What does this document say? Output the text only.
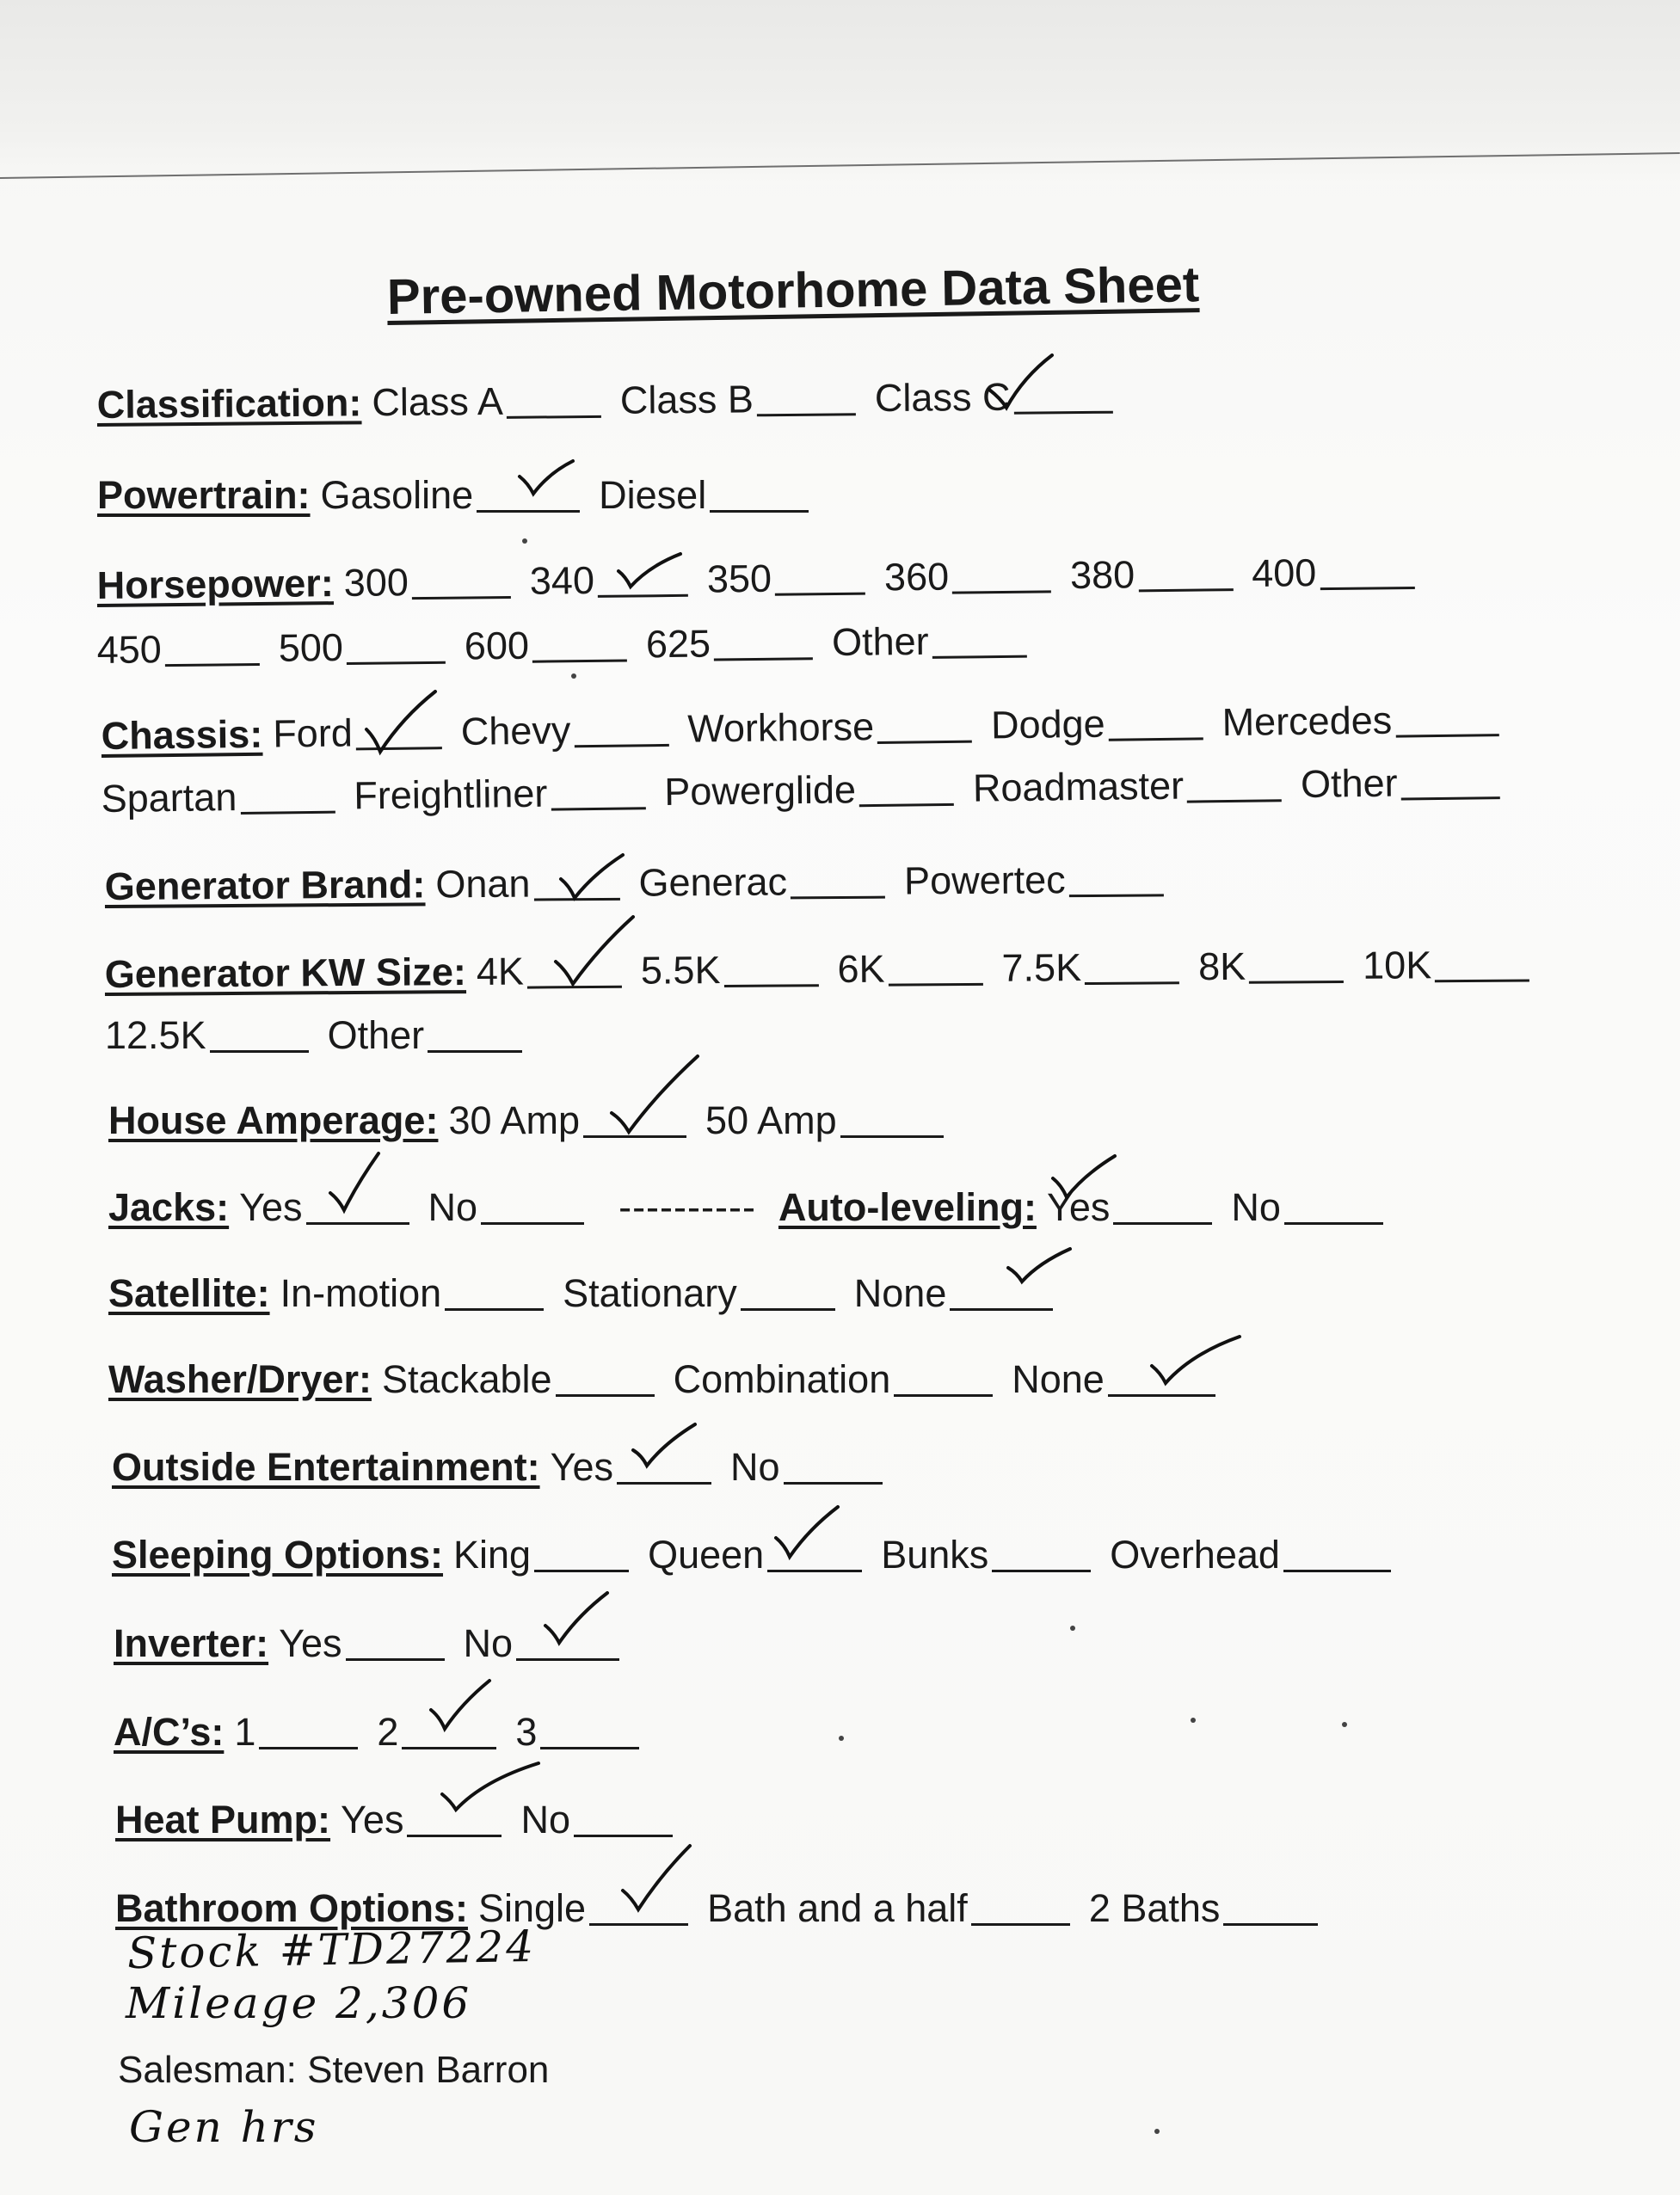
Pre-owned Motorhome Data Sheet
Classification: Class A	Class B	Class C
Powertrain: Gasoline	Diesel
Horsepower: 300	340	350	360	380	400
450	500	600	625	Other
Chassis: Ford	Chevy	Workhorse	Dodge	Mercedes
Spartan	Freightliner	Powerglide	Roadmaster	Other
Generator Brand: Onan	Generac	Powertec
Generator KW Size: 4K	5.5K	6K	7.5K	8K	10K
12.5K	Other
House Amperage: 30 Amp	50 Amp
Jacks: Yes	No	---------- Auto-leveling: Yes	No
Satellite: In-motion	Stationary	None
Washer/Dryer: Stackable	Combination	None
Outside Entertainment: Yes	No
Sleeping Options: King	Queen	Bunks	Overhead
Inverter: Yes	No
A/C’s: 1	2	3
Heat Pump: Yes	No
Bathroom Options: Single	Bath and a half	2 Baths
Stock #TD27224
Mileage 2,306
Salesman: Steven Barron
Gen hrs
